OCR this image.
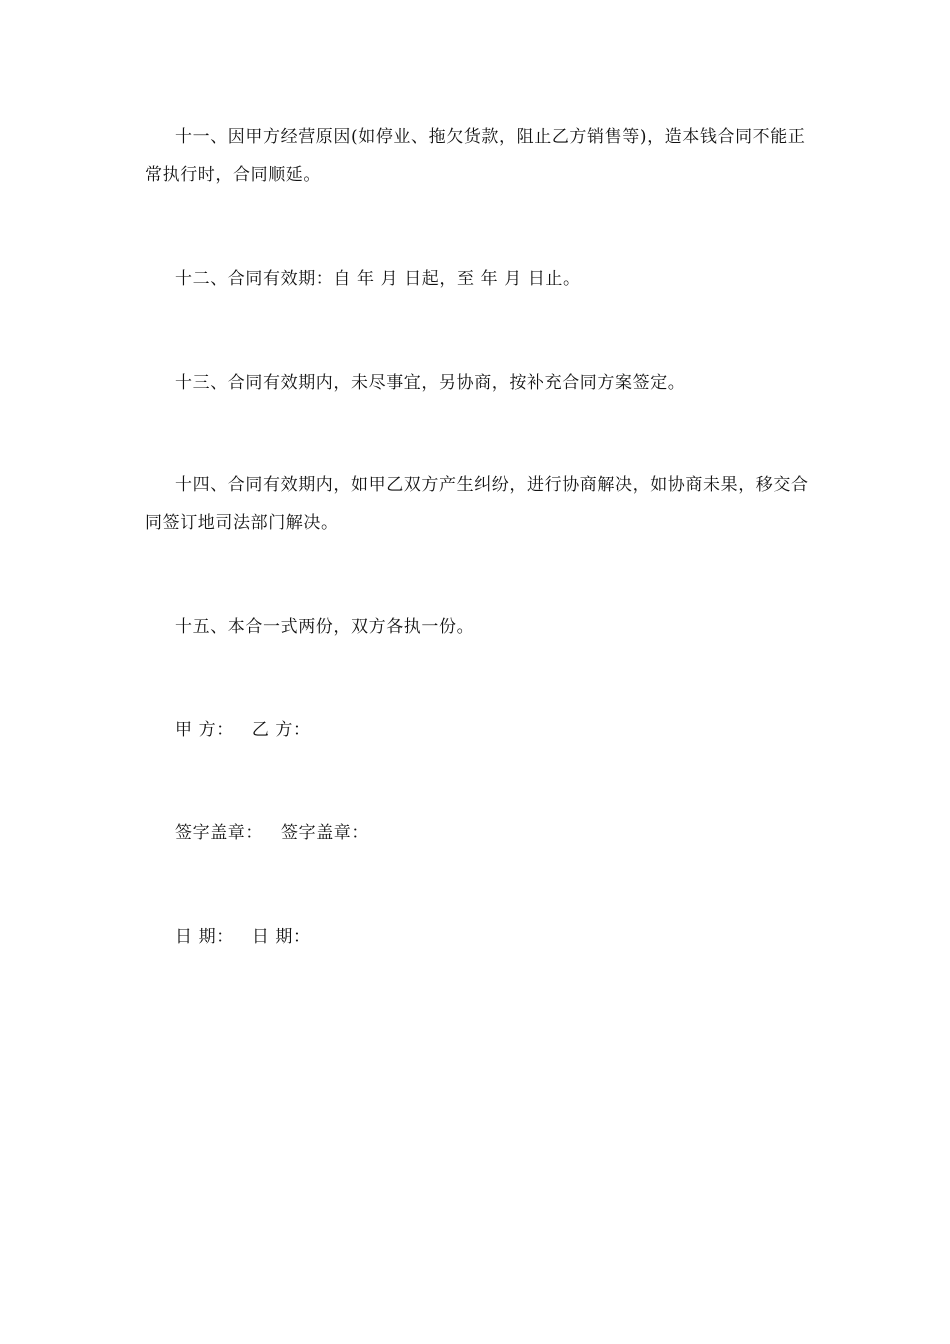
十一、因甲方经营原因(如停业、拖欠货款，阻止乙方销售等)，造本钱合同不能正常执行时，合同顺延。

十二、合同有效期：自 年 月 日起，至 年 月 日止。

十三、合同有效期内，未尽事宜，另协商，按补充合同方案签定。

十四、合同有效期内，如甲乙双方产生纠纷，进行协商解决，如协商未果，移交合同签订地司法部门解决。

十五、本合一式两份，双方各执一份。

甲 方： 乙 方：

签字盖章： 签字盖章：

日 期： 日 期：
